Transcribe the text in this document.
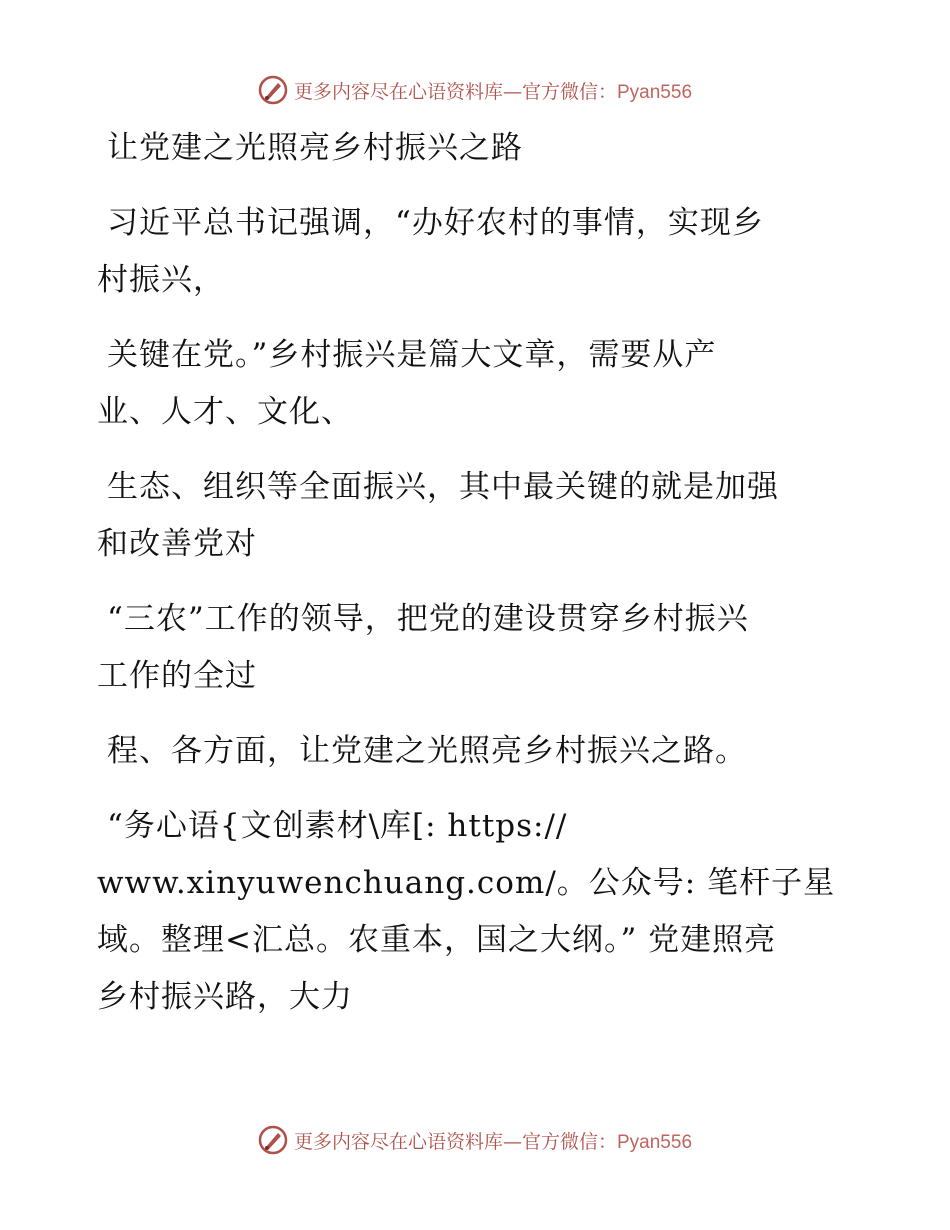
更多内容尽在心语资料库—官方微信：Pyan556
让党建之光照亮乡村振兴之路
习近平总书记强调，“办好农村的事情，实现乡
村振兴，
关键在党。”乡村振兴是篇大文章，需要从产
业、人才、文化、
生态、组织等全面振兴，其中最关键的就是加强
和改善党对
“三农”工作的领导，把党的建设贯穿乡村振兴
工作的全过
程、各方面，让党建之光照亮乡村振兴之路。
“务心语{文创素材\库[: https://
www.xinyuwenchuang.com/。公众号: 笔杆子星
域。整理<汇总。农重本，国之大纲。” 党建照亮
乡村振兴路，大力
更多内容尽在心语资料库—官方微信：Pyan556
